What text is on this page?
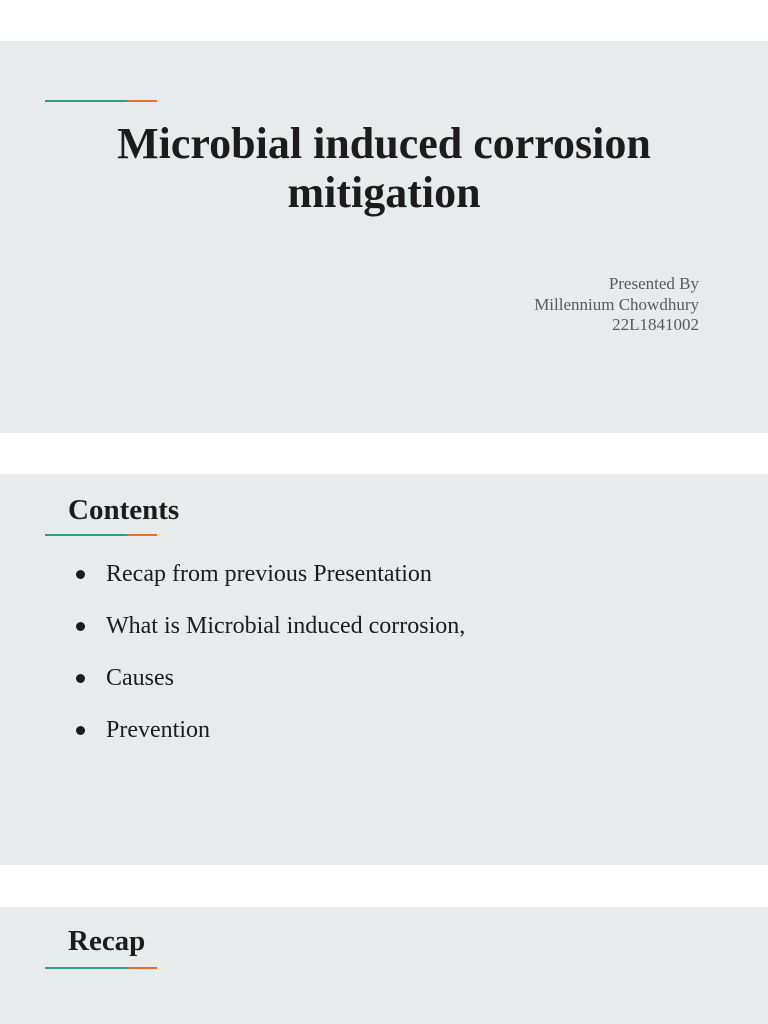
Microbial induced corrosion mitigation
Presented By
Millennium Chowdhury
22L1841002
Contents
Recap from previous Presentation
What is Microbial induced corrosion,
Causes
Prevention
Recap
